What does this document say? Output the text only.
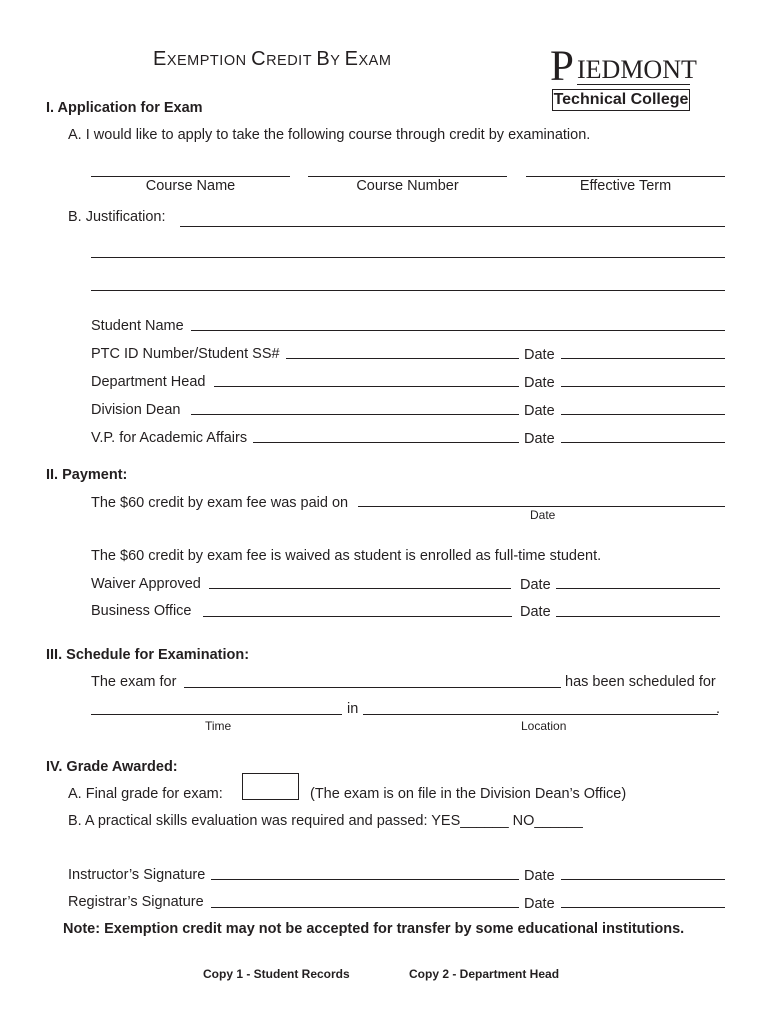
EXEMPTION CREDIT BY EXAM	P IEDMONT
Technical College
I. Application for Exam
A. I would like to apply to take the following course through credit by examination.
Course Name	Course Number	Effective Term
B. Justification:
Student Name
PTC ID Number/Student SS#	Date
Department Head	Date
Division Dean	Date
V.P. for Academic Affairs	Date
II. Payment:
The $60 credit by exam fee was paid on
Date
The $60 credit by exam fee is waived as student is enrolled as full-time student.
Waiver Approved	Date
Business Office	Date
III. Schedule for Examination:
The exam for	has been scheduled for
in	.
Time	Location
IV. Grade Awarded:
A. Final grade for exam:	(The exam is on file in the Division Dean’s Office)
B. A practical skills evaluation was required and passed: YES______ NO______
Instructor’s Signature	Date
Registrar’s Signature	Date
Note: Exemption credit may not be accepted for transfer by some educational institutions.
Copy 1 - Student Records	Copy 2 - Department Head
